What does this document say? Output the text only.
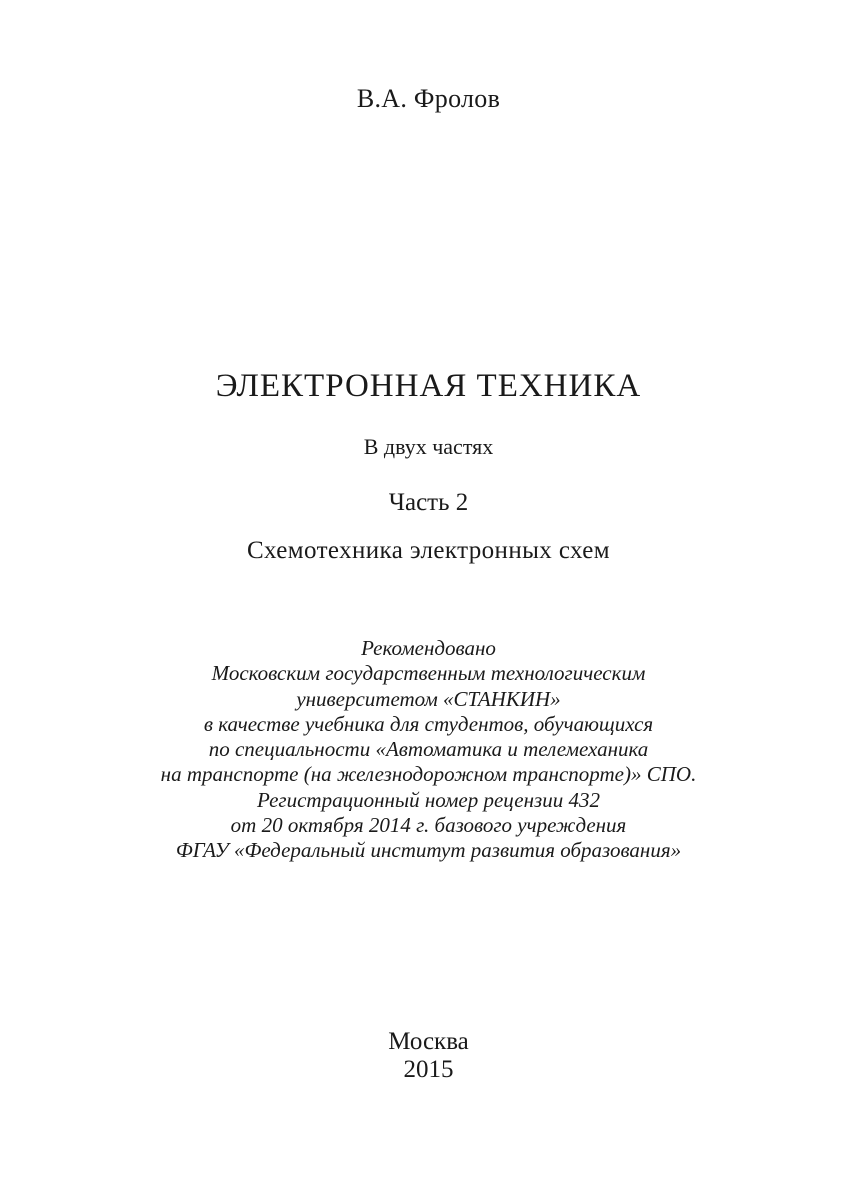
В.А. Фролов
ЭЛЕКТРОННАЯ ТЕХНИКА
В двух частях
Часть 2
Схемотехника электронных схем
Рекомендовано
Московским государственным технологическим
университетом «СТАНКИН»
в качестве учебника для студентов, обучающихся
по специальности «Автоматика и телемеханика
на транспорте (на железнодорожном транспорте)» СПО.
Регистрационный номер рецензии 432
от 20 октября 2014 г. базового учреждения
ФГАУ «Федеральный институт развития образования»
Москва
2015
